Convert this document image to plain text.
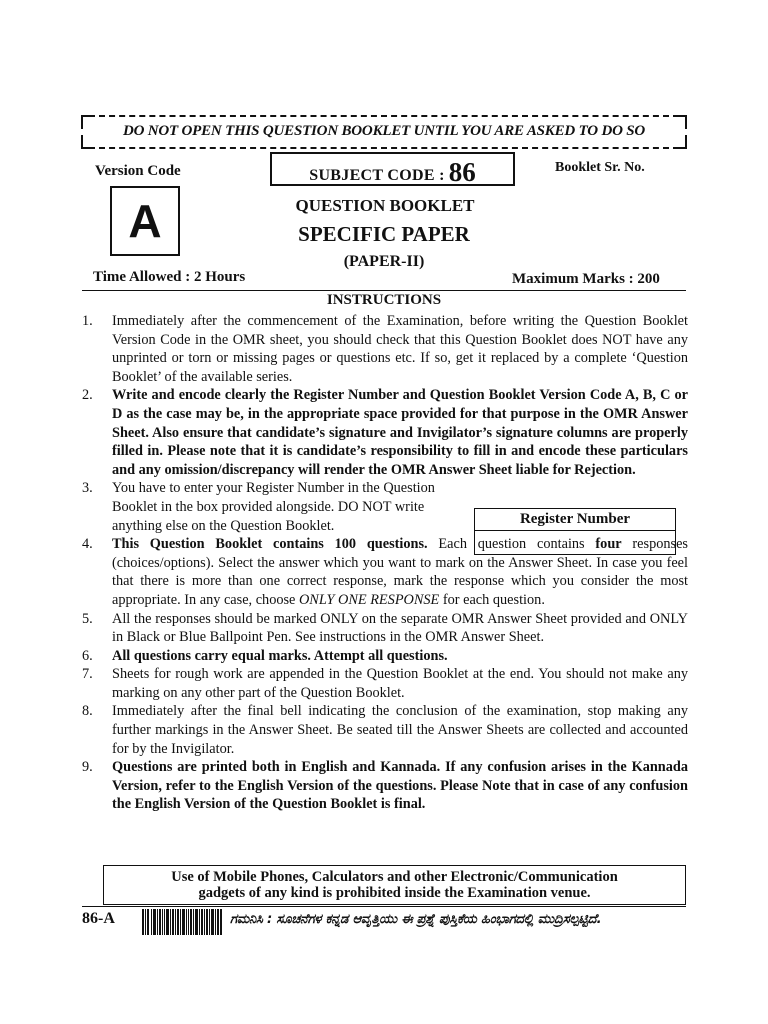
DO NOT OPEN THIS QUESTION BOOKLET UNTIL YOU ARE ASKED TO DO SO
Version Code
A
SUBJECT CODE : 86	Booklet Sr. No.
QUESTION BOOKLET
SPECIFIC PAPER
(PAPER-II)
Time Allowed : 2 Hours	Maximum Marks : 200
INSTRUCTIONS
1.	Immediately after the commencement of the Examination, before writing the Question Booklet Version Code in the OMR sheet, you should check that this Question Booklet does NOT have any unprinted or torn or missing pages or questions etc. If so, get it replaced by a complete ‘Question Booklet’ of the available series.
2.	Write and encode clearly the Register Number and Question Booklet Version Code A, B, C or D as the case may be, in the appropriate space provided for that purpose in the OMR Answer Sheet. Also ensure that candidate’s signature and Invigilator’s signature columns are properly filled in. Please note that it is candidate’s responsibility to fill in and encode these particulars and any omission/discrepancy will render the OMR Answer Sheet liable for Rejection.
3.	You have to enter your Register Number in the Question Booklet in the box provided alongside. DO NOT write anything else on the Question Booklet.
4.	This Question Booklet contains 100 questions. Each question contains four responses (choices/options). Select the answer which you want to mark on the Answer Sheet. In case you feel that there is more than one correct response, mark the response which you consider the most appropriate. In any case, choose ONLY ONE RESPONSE for each question.
5.	All the responses should be marked ONLY on the separate OMR Answer Sheet provided and ONLY in Black or Blue Ballpoint Pen. See instructions in the OMR Answer Sheet.
6.	All questions carry equal marks. Attempt all questions.
7.	Sheets for rough work are appended in the Question Booklet at the end. You should not make any marking on any other part of the Question Booklet.
8.	Immediately after the final bell indicating the conclusion of the examination, stop making any further markings in the Answer Sheet. Be seated till the Answer Sheets are collected and accounted for by the Invigilator.
9.	Questions are printed both in English and Kannada. If any confusion arises in the Kannada Version, refer to the English Version of the questions. Please Note that in case of any confusion the English Version of the Question Booklet is final.
Register Number
Use of Mobile Phones, Calculators and other Electronic/Communication
gadgets of any kind is prohibited inside the Examination venue.
86-A	ಗಮನಿಸಿ : ಸೂಚನೆಗಳ ಕನ್ನಡ ಆವೃತ್ತಿಯು ಈ ಪ್ರಶ್ನೆ ಪುಸ್ತಿಕೆಯ ಹಿಂಭಾಗದಲ್ಲಿ ಮುದ್ರಿಸಲ್ಪಟ್ಟಿದೆ.
